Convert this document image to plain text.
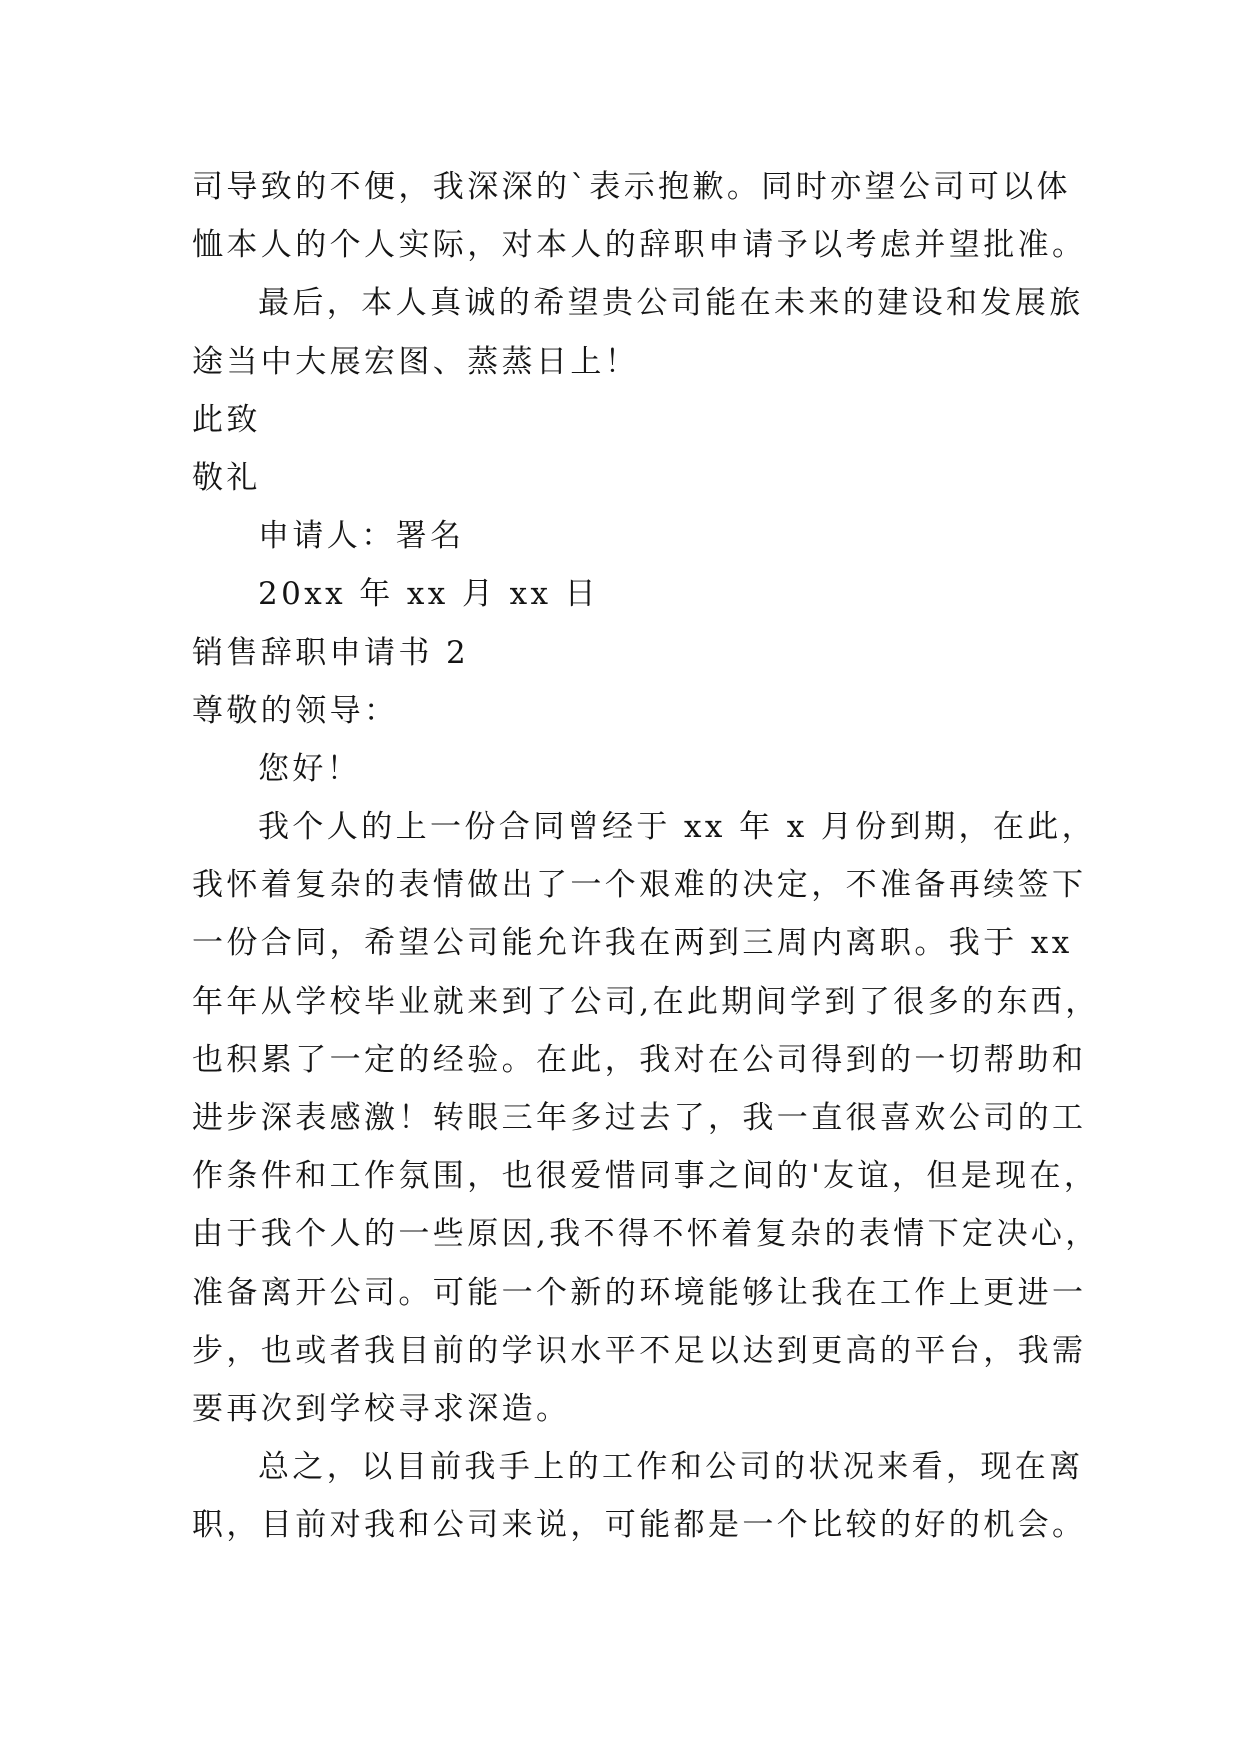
司导致的不便，我深深的`表示抱歉。同时亦望公司可以体
恤本人的个人实际，对本人的辞职申请予以考虑并望批准。
最后，本人真诚的希望贵公司能在未来的建设和发展旅
途当中大展宏图、蒸蒸日上！
此致
敬礼
申请人：署名
20xx 年 xx 月 xx 日
销售辞职申请书 2
尊敬的领导：
您好！
我个人的上一份合同曾经于 xx 年 x 月份到期，在此，
我怀着复杂的表情做出了一个艰难的决定，不准备再续签下
一份合同，希望公司能允许我在两到三周内离职。我于 xx
年年从学校毕业就来到了公司,在此期间学到了很多的东西，
也积累了一定的经验。在此，我对在公司得到的一切帮助和
进步深表感激！转眼三年多过去了，我一直很喜欢公司的工
作条件和工作氛围，也很爱惜同事之间的'友谊，但是现在，
由于我个人的一些原因,我不得不怀着复杂的表情下定决心，
准备离开公司。可能一个新的环境能够让我在工作上更进一
步，也或者我目前的学识水平不足以达到更高的平台，我需
要再次到学校寻求深造。
总之，以目前我手上的工作和公司的状况来看，现在离
职，目前对我和公司来说，可能都是一个比较的好的机会。
